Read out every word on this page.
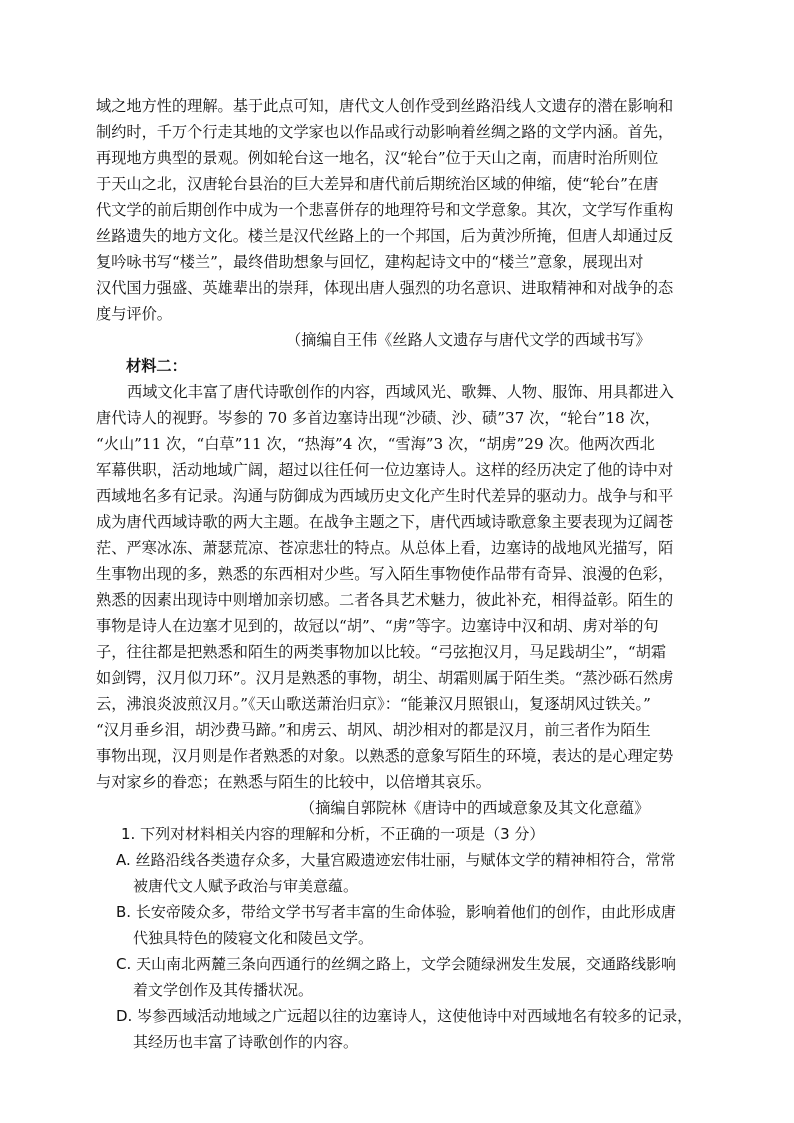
域之地方性的理解。基于此点可知，唐代文人创作受到丝路沿线人文遗存的潜在影响和
制约时，千万个行走其地的文学家也以作品或行动影响着丝绸之路的文学内涵。首先，
再现地方典型的景观。例如轮台这一地名，汉“轮台”位于天山之南，而唐时治所则位
于天山之北，汉唐轮台县治的巨大差异和唐代前后期统治区域的伸缩，使“轮台”在唐
代文学的前后期创作中成为一个悲喜併存的地理符号和文学意象。其次，文学写作重构
丝路遗失的地方文化。楼兰是汉代丝路上的一个邦国，后为黄沙所掩，但唐人却通过反
复吟咏书写“楼兰”，最终借助想象与回忆，建构起诗文中的“楼兰”意象，展现出对
汉代国力强盛、英雄辈出的崇拜，体现出唐人强烈的功名意识、进取精神和对战争的态
度与评价。
（摘编自王伟《丝路人文遗存与唐代文学的西域书写》
材料二：
西域文化丰富了唐代诗歌创作的内容，西域风光、歌舞、人物、服饰、用具都进入
唐代诗人的视野。岑参的 70 多首边塞诗出现“沙碛、沙、碛”37 次，“轮台”18 次，
“火山”11 次，“白草”11 次，“热海”4 次，“雪海”3 次，“胡虏”29 次。他两次西北
军幕供职，活动地域广阔，超过以往任何一位边塞诗人。这样的经历决定了他的诗中对
西域地名多有记录。沟通与防御成为西域历史文化产生时代差异的驱动力。战争与和平
成为唐代西域诗歌的两大主题。在战争主题之下，唐代西域诗歌意象主要表现为辽阔苍
茫、严寒冰冻、萧瑟荒凉、苍凉悲壮的特点。从总体上看，边塞诗的战地风光描写，陌
生事物出现的多，熟悉的东西相对少些。写入陌生事物使作品带有奇异、浪漫的色彩，
熟悉的因素出现诗中则增加亲切感。二者各具艺术魅力，彼此补充，相得益彰。陌生的
事物是诗人在边塞才见到的，故冠以“胡”、“虏”等字。边塞诗中汉和胡、虏对举的句
子，往往都是把熟悉和陌生的两类事物加以比较。“弓弦抱汉月，马足践胡尘”，“胡霜
如剑锷，汉月似刀环”。汉月是熟悉的事物，胡尘、胡霜则属于陌生类。“蒸沙砾石然虏
云，沸浪炎波煎汉月。”《天山歌送萧治归京》：“能兼汉月照银山，复逐胡风过铁关。”
“汉月垂乡泪，胡沙费马蹄。”和虏云、胡风、胡沙相对的都是汉月，前三者作为陌生
事物出现，汉月则是作者熟悉的对象。以熟悉的意象写陌生的环境，表达的是心理定势
与对家乡的眷恋；在熟悉与陌生的比较中，以倍增其哀乐。
（摘编自郭院林《唐诗中的西域意象及其文化意蕴》
1. 下列对材料相关内容的理解和分析，不正确的一项是（3 分）
A. 丝路沿线各类遗存众多，大量宫殿遗迹宏伟壮丽，与赋体文学的精神相符合，常常
被唐代文人赋予政治与审美意蕴。
B. 长安帝陵众多，带给文学书写者丰富的生命体验，影响着他们的创作，由此形成唐
代独具特色的陵寝文化和陵邑文学。
C. 天山南北两麓三条向西通行的丝绸之路上，文学会随绿洲发生发展，交通路线影响
着文学创作及其传播状况。
D. 岑参西域活动地域之广远超以往的边塞诗人，这使他诗中对西域地名有较多的记录，
其经历也丰富了诗歌创作的内容。
